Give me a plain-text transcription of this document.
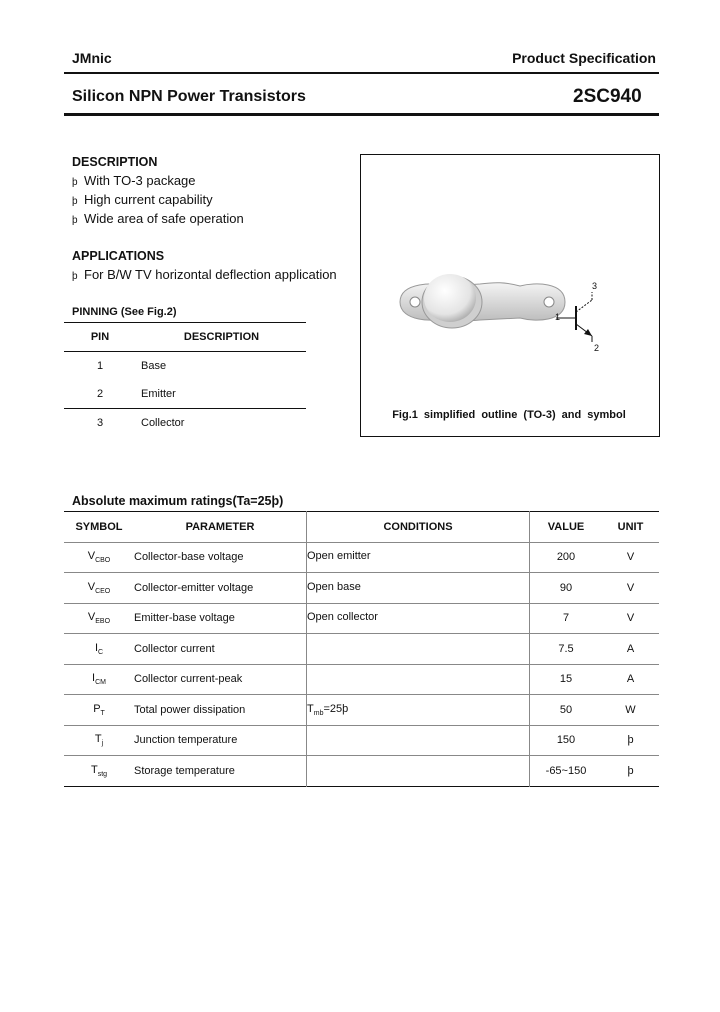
JMnic	Product Specification
Silicon NPN Power Transistors	2SC940
DESCRIPTION
þ With TO-3 package
þ High current capability
þ Wide area of safe operation
APPLICATIONS
þ For B/W TV horizontal deflection application
PINNING (See Fig.2)
PIN	DESCRIPTION
1	Base
2	Emitter
3	Collector
1
2
3
Fig.1 simplified outline (TO-3) and symbol
Absolute maximum ratings(Ta=25þ)
SYMBOL	PARAMETER	CONDITIONS	VALUE	UNIT
$V_{CBO}$	Collector-base voltage	Open emitter	200	V
$V_{CEO}$	Collector-emitter voltage	Open base	90	V
$V_{EBO}$	Emitter-base voltage	Open collector	7	V
$I_C$	Collector current		7.5	A
$I_{CM}$	Collector current-peak		15	A
$P_T$	Total power dissipation	$T_{mb}=25þ$	50	W
$T_j$	Junction temperature		150	þ
$T_{stg}$	Storage temperature		-65~150	þ
